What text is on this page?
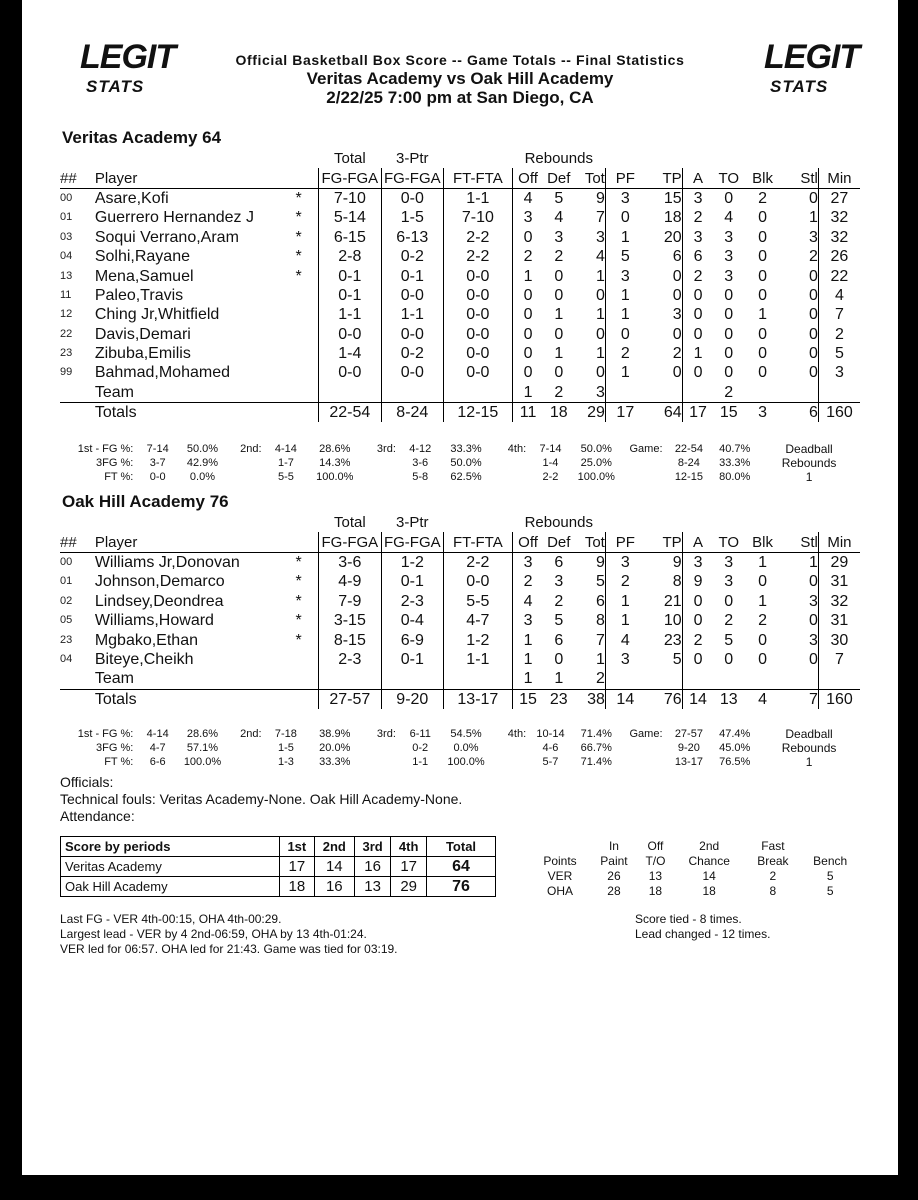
LEGIT
STATS
LEGIT
STATS
Official Basketball Box Score -- Game Totals -- Final Statistics
Veritas Academy vs Oak Hill Academy
2/22/25 7:00 pm at San Diego, CA
Veritas Academy 64
			Total	3-Ptr		Rebounds									
##	Player		FG-FGA	FG-FGA	FT-FTA	Off	Def	Tot	PF	TP	A	TO	Blk	Stl	Min
00	Asare,Kofi	*	7-10	0-0	1-1	4	5	9	3	15	3	0	2	0	27
01	Guerrero Hernandez J	*	5-14	1-5	7-10	3	4	7	0	18	2	4	0	1	32
03	Soqui Verrano,Aram	*	6-15	6-13	2-2	0	3	3	1	20	3	3	0	3	32
04	Solhi,Rayane	*	2-8	0-2	2-2	2	2	4	5	6	6	3	0	2	26
13	Mena,Samuel	*	0-1	0-1	0-0	1	0	1	3	0	2	3	0	0	22
11	Paleo,Travis		0-1	0-0	0-0	0	0	0	1	0	0	0	0	0	4
12	Ching Jr,Whitfield		1-1	1-1	0-0	0	1	1	1	3	0	0	1	0	7
22	Davis,Demari		0-0	0-0	0-0	0	0	0	0	0	0	0	0	0	2
23	Zibuba,Emilis		1-4	0-2	0-0	0	1	1	2	2	1	0	0	0	5
99	Bahmad,Mohamed		0-0	0-0	0-0	0	0	0	1	0	0	0	0	0	3
	Team					1	2	3				2			
	Totals		22-54	8-24	12-15	11	18	29	17	64	17	15	3	6	160
1st - FG %:	7-14	50.0%	2nd:	4-14	28.6%	3rd:	4-12	33.3%	4th:	7-14	50.0%	Game:	22-54	40.7%	Deadball
3FG %:	3-7	42.9%		1-7	14.3%		3-6	50.0%		1-4	25.0%		8-24	33.3%	Rebounds
FT %:	0-0	0.0%		5-5	100.0%		5-8	62.5%		2-2	100.0%		12-15	80.0%	1
Oak Hill Academy 76
			Total	3-Ptr		Rebounds									
##	Player		FG-FGA	FG-FGA	FT-FTA	Off	Def	Tot	PF	TP	A	TO	Blk	Stl	Min
00	Williams Jr,Donovan	*	3-6	1-2	2-2	3	6	9	3	9	3	3	1	1	29
01	Johnson,Demarco	*	4-9	0-1	0-0	2	3	5	2	8	9	3	0	0	31
02	Lindsey,Deondrea	*	7-9	2-3	5-5	4	2	6	1	21	0	0	1	3	32
05	Williams,Howard	*	3-15	0-4	4-7	3	5	8	1	10	0	2	2	0	31
23	Mgbako,Ethan	*	8-15	6-9	1-2	1	6	7	4	23	2	5	0	3	30
04	Biteye,Cheikh		2-3	0-1	1-1	1	0	1	3	5	0	0	0	0	7
	Team					1	1	2							
	Totals		27-57	9-20	13-17	15	23	38	14	76	14	13	4	7	160
1st - FG %:	4-14	28.6%	2nd:	7-18	38.9%	3rd:	6-11	54.5%	4th:	10-14	71.4%	Game:	27-57	47.4%	Deadball
3FG %:	4-7	57.1%		1-5	20.0%		0-2	0.0%		4-6	66.7%		9-20	45.0%	Rebounds
FT %:	6-6	100.0%		1-3	33.3%		1-1	100.0%		5-7	71.4%		13-17	76.5%	1
Officials:
Technical fouls: Veritas Academy-None. Oak Hill Academy-None.
Attendance:
Score by periods	1st	2nd	3rd	4th	Total
Veritas Academy	17	14	16	17	64
Oak Hill Academy	18	16	13	29	76
	In	Off	2nd	Fast	
Points	Paint	T/O	Chance	Break	Bench
VER	26	13	14	2	5
OHA	28	18	18	8	5
Last FG - VER 4th-00:15, OHA 4th-00:29.
Largest lead - VER by 4 2nd-06:59, OHA by 13 4th-01:24.
VER led for 06:57. OHA led for 21:43. Game was tied for 03:19.
Score tied - 8 times.
Lead changed - 12 times.
